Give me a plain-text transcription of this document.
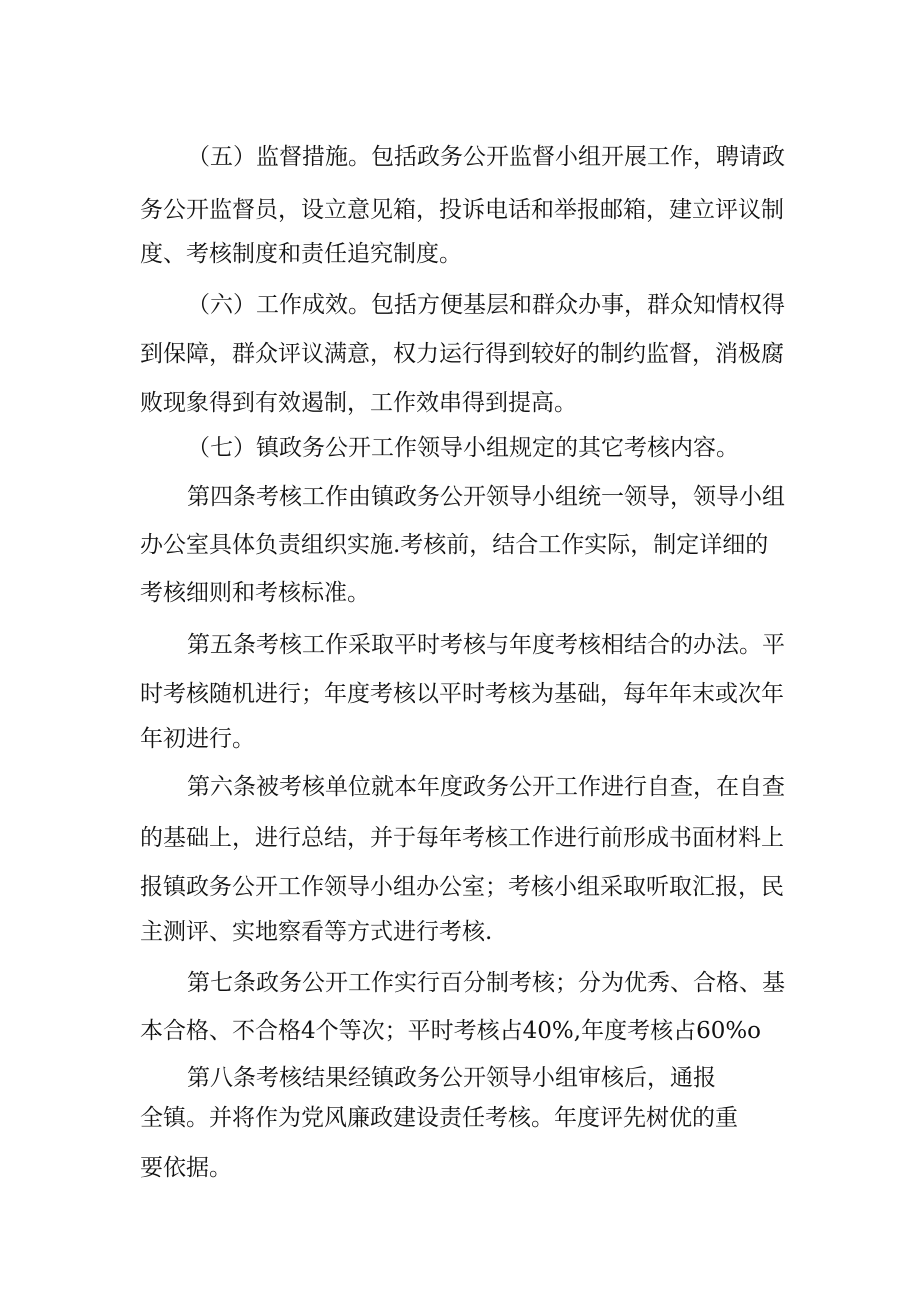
（五）监督措施。包括政务公开监督小组开展工作，聘请政
务公开监督员，设立意见箱，投诉电话和举报邮箱，建立评议制
度、考核制度和责任追究制度。
（六）工作成效。包括方便基层和群众办事，群众知情权得
到保障，群众评议满意，权力运行得到较好的制约监督，消极腐
败现象得到有效遏制，工作效串得到提高。
（七）镇政务公开工作领导小组规定的其它考核内容。
第四条考核工作由镇政务公开领导小组统一领导，领导小组
办公室具体负责组织实施.考核前，结合工作实际，制定详细的
考核细则和考核标准。
第五条考核工作采取平时考核与年度考核相结合的办法。平
时考核随机进行；年度考核以平时考核为基础，每年年末或次年
年初进行。
第六条被考核单位就本年度政务公开工作进行自查，在自查
的基础上，进行总结，并于每年考核工作进行前形成书面材料上
报镇政务公开工作领导小组办公室；考核小组采取听取汇报，民
主测评、实地察看等方式进行考核.
第七条政务公开工作实行百分制考核；分为优秀、合格、基
本合格、不合格4个等次；平时考核占40%,年度考核占60%o
第八条考核结果经镇政务公开领导小组审核后，通报
全镇。并将作为党风廉政建设责任考核。年度评先树优的重
要依据。
